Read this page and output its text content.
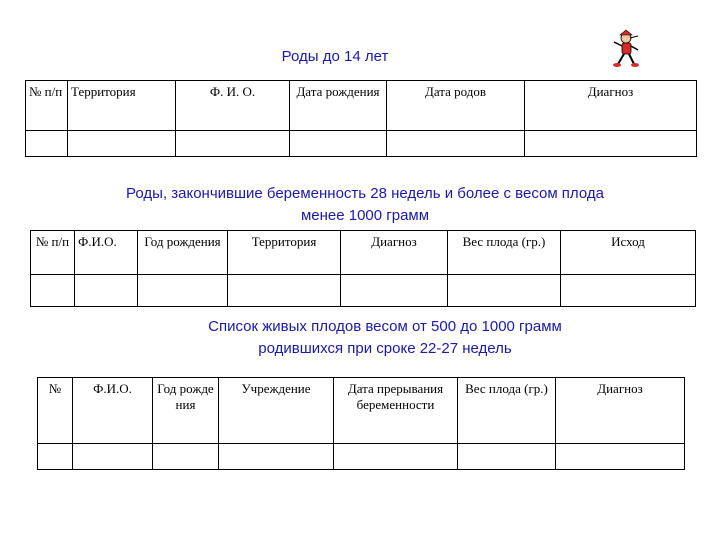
Роды до 14 лет
№ п/п	Территория	Ф. И. О.	Дата рождения	Дата родов	Диагноз

Роды, закончившие беременность 28 недель и более с весом плода
менее 1000 грамм
№ п/п	Ф.И.О.	Год рождения	Территория	Диагноз	Вес плода (гр.)	Исход

Список живых плодов весом от 500 до 1000 грамм
родившихся при сроке 22-27 недель
№	Ф.И.О.	Год рожде ния	Учреждение	Дата прерывания беременности	Вес плода (гр.)	Диагноз
